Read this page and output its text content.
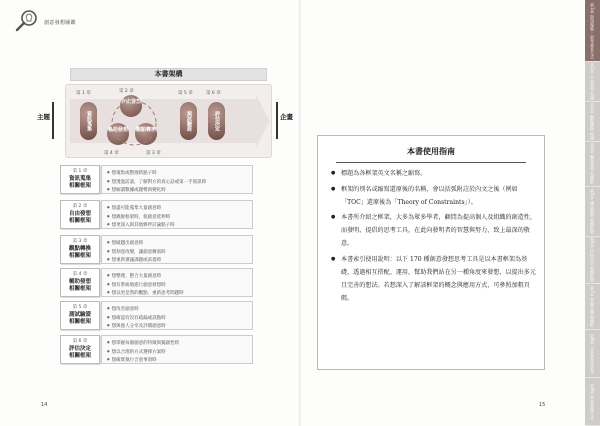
創意發想圖鑑
本書架構
主題	企畫
第 1 章	第 2 章
第 3 章
第 4 章
第 5 章	第 6 章
資訊蒐集
自由發想
輔助發想 觀點轉換	測試驗證	評估決定
第 1 章
資訊蒐集
相關框架
● 想蒐集或整理新點子時
● 想透過訪談，了解對方的真心話或第一手資訊時
● 想解讀數據或趨勢與變化時
第 2 章
自由發想
相關框架
● 想盡可能蒐集大量創意時
● 想跳脫框架時，使創意延伸時
● 想更深入與其他夥伴討論點子時
第 3 章
觀點轉換
相關框架
● 想破題出創意時
● 想刻意改變，讓創意擴張時
● 想重新審議課題或前提時
第 4 章
輔助發想
相關框架
● 想整理、整合大量創意時
● 想有系統地進行創意發想時
● 想以更是然的觀點，重新思考問題時
第 5 章
測試驗證
相關框架
● 想改善創意時
● 想確認有沒有疏漏或誤點時
● 想與他人分享及評價創意時
第 6 章
評估決定
相關框架
● 想掌握每個創意的特徵與獨創性時
● 想以合理的方式選擇方案時
● 想確實執行合意事項時
14
本書使用指南

● 標題為各框架英文名稱之縮寫。

● 框架的別名或縮寫還原後的名稱，會以括弧附註於內文之後（例如「TOC」還原後為「Theory of Constraints」）。

● 本書所介紹之框架，大多為眾多學者，顧問為提高個人及組織的創造性，而發明、提倡的思考工具，在此向發明者的智慧與努力，致上最深的敬意。

● 本書索引使用說明：以下 170 種創意發想思考工具是以本書框架為基礎，透過相互搭配、運用，幫助我們站在另一種角度來發想，以提出多元且完善的想法。若想深入了解該框架的概念與應用方式，可參照加粗頁碼。

15
第1章 資訊蒐集・思考基本方式
第2章 自由發想 相關框架
第3章 觀點轉換 相關框架
第4章 輔助發想 相關框架
第5章 測試驗證 相關框架
第6章 評估決定 相關框架
第7章 掌握全體 相關框架
第8章 以其他角度思考
第9章 學習實踐方法
